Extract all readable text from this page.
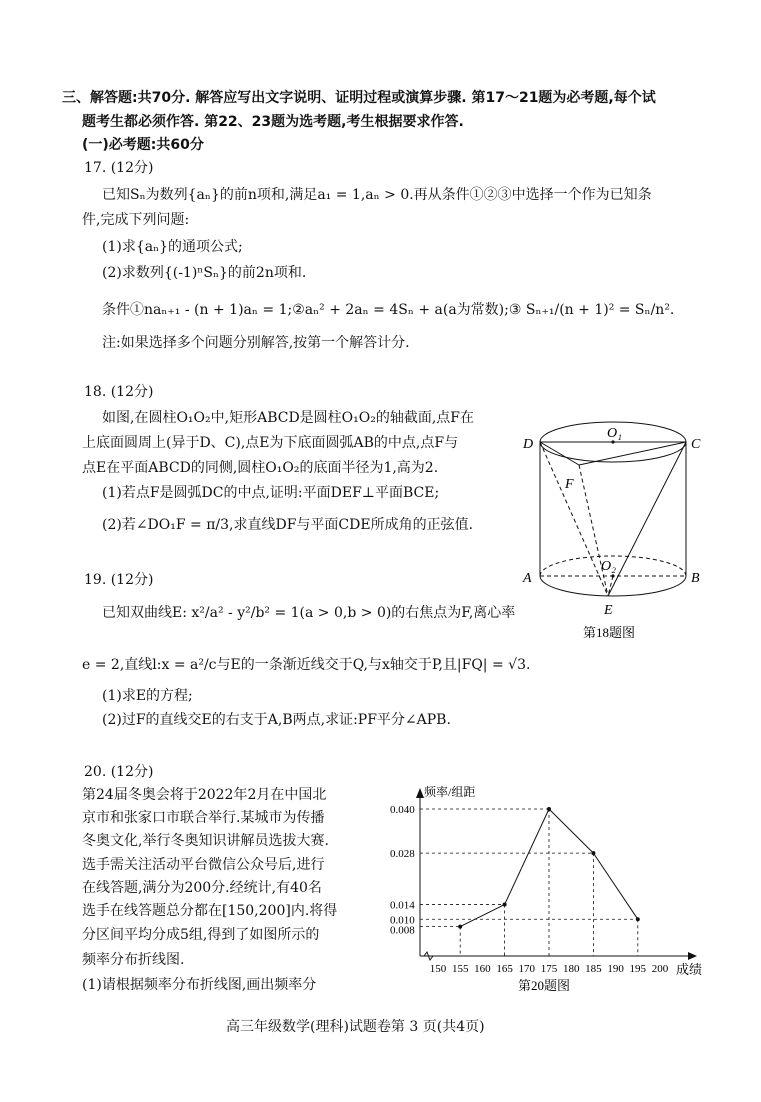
三、解答题:共70分. 解答应写出文字说明、证明过程或演算步骤. 第17～21题为必考题,每个试
题考生都必须作答. 第22、23题为选考题,考生根据要求作答.
(一)必考题:共60分
17. (12分)
已知Sₙ为数列{aₙ}的前n项和,满足a₁ = 1,aₙ > 0.再从条件①②③中选择一个作为已知条
件,完成下列问题:
(1)求{aₙ}的通项公式;
(2)求数列{(-1)ⁿSₙ}的前2n项和.
条件①naₙ₊₁ - (n + 1)aₙ = 1;②aₙ² + 2aₙ = 4Sₙ + a(a为常数);③ Sₙ₊₁/(n + 1)² = Sₙ/n².
注:如果选择多个问题分别解答,按第一个解答计分.
18. (12分)
如图,在圆柱O₁O₂中,矩形ABCD是圆柱O₁O₂的轴截面,点F在
上底面圆周上(异于D、C),点E为下底面圆弧AB的中点,点F与
点E在平面ABCD的同侧,圆柱O₁O₂的底面半径为1,高为2.
(1)若点F是圆弧DC的中点,证明:平面DEF⊥平面BCE;
(2)若∠DO₁F = π/3,求直线DF与平面CDE所成角的正弦值.
D	C
O₁
F
O₂
A	B
E
第18题图
19. (12分)
已知双曲线E: x²/a² - y²/b² = 1(a > 0,b > 0)的右焦点为F,离心率
e = 2,直线l:x = a²/c与E的一条渐近线交于Q,与x轴交于P,且|FQ| = √3.
(1)求E的方程;
(2)过F的直线交E的右支于A,B两点,求证:PF平分∠APB.
20. (12分)
第24届冬奥会将于2022年2月在中国北
京市和张家口市联合举行.某城市为传播
冬奥文化,举行冬奥知识讲解员选拔大赛.
选手需关注活动平台微信公众号后,进行
在线答题,满分为200分.经统计,有40名
选手在线答题总分都在[150,200]内.将得
分区间平均分成5组,得到了如图所示的
频率分布折线图.
(1)请根据频率分布折线图,画出频率分
0.008
0.010
0.014
0.028
0.040
150 155 160 165 170 175 180 185 190 195 200
频率/组距
成绩
第20题图
高三年级数学(理科)试题卷第 3 页(共4页)
